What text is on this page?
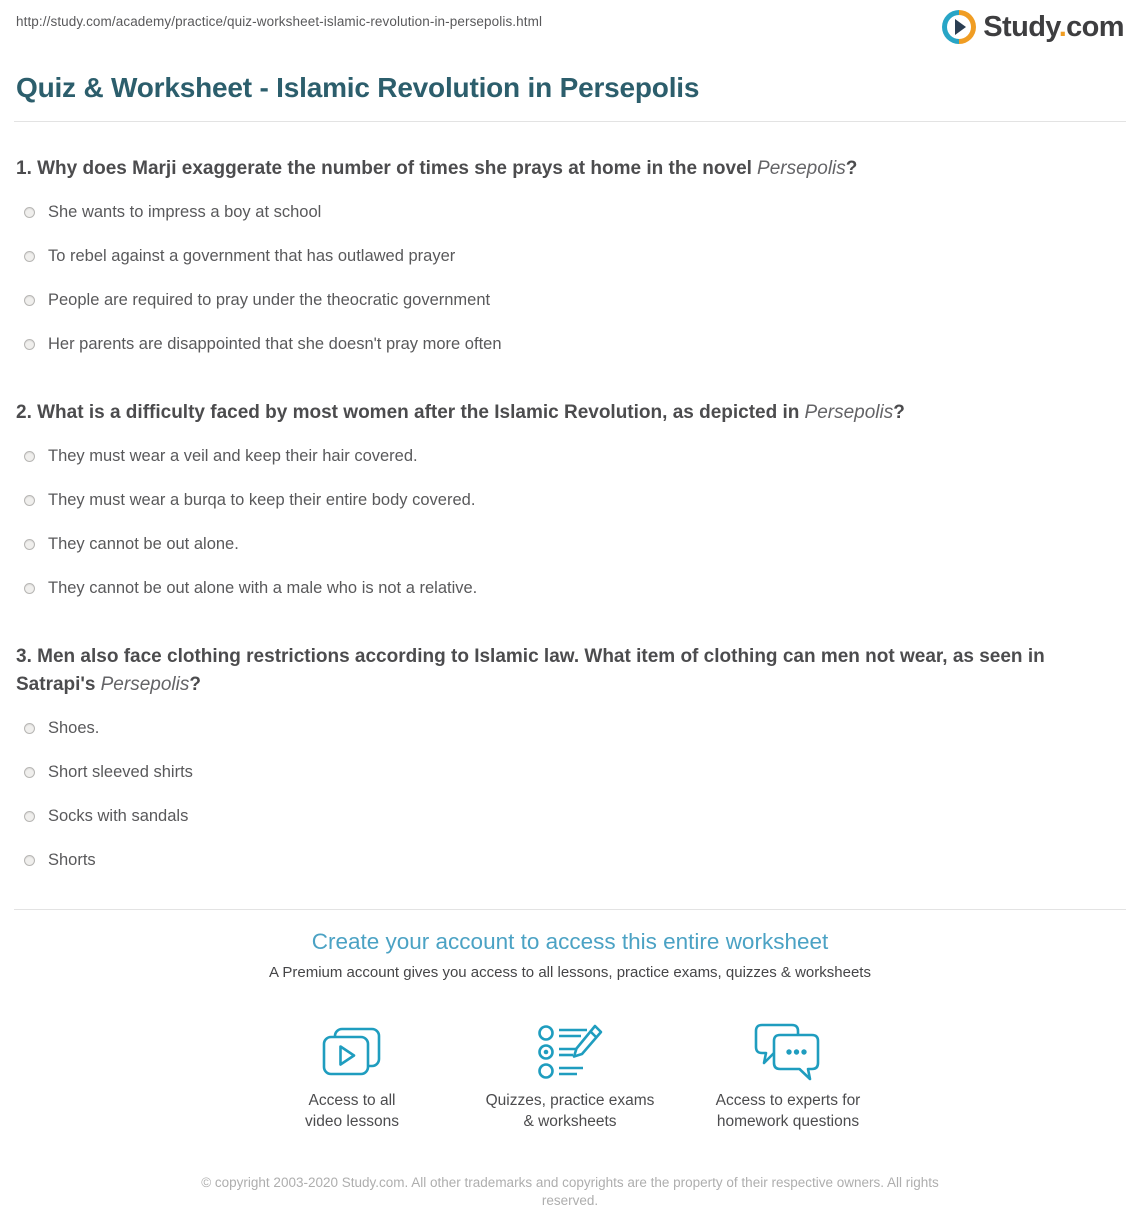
http://study.com/academy/practice/quiz-worksheet-islamic-revolution-in-persepolis.html	Study.com
Quiz & Worksheet - Islamic Revolution in Persepolis

1. Why does Marji exaggerate the number of times she prays at home in the novel Persepolis?

She wants to impress a boy at school
To rebel against a government that has outlawed prayer
People are required to pray under the theocratic government
Her parents are disappointed that she doesn't pray more often

2. What is a difficulty faced by most women after the Islamic Revolution, as depicted in Persepolis?

They must wear a veil and keep their hair covered.
They must wear a burqa to keep their entire body covered.
They cannot be out alone.
They cannot be out alone with a male who is not a relative.

3. Men also face clothing restrictions according to Islamic law. What item of clothing can men not wear, as seen in Satrapi's Persepolis?

Shoes.
Short sleeved shirts
Socks with sandals
Shorts
Create your account to access this entire worksheet

A Premium account gives you access to all lessons, practice exams, quizzes & worksheets

Access to all
video lessons
Quizzes, practice exams
& worksheets
Access to experts for
homework questions
© copyright 2003-2020 Study.com. All other trademarks and copyrights are the property of their respective owners. All rights reserved.
